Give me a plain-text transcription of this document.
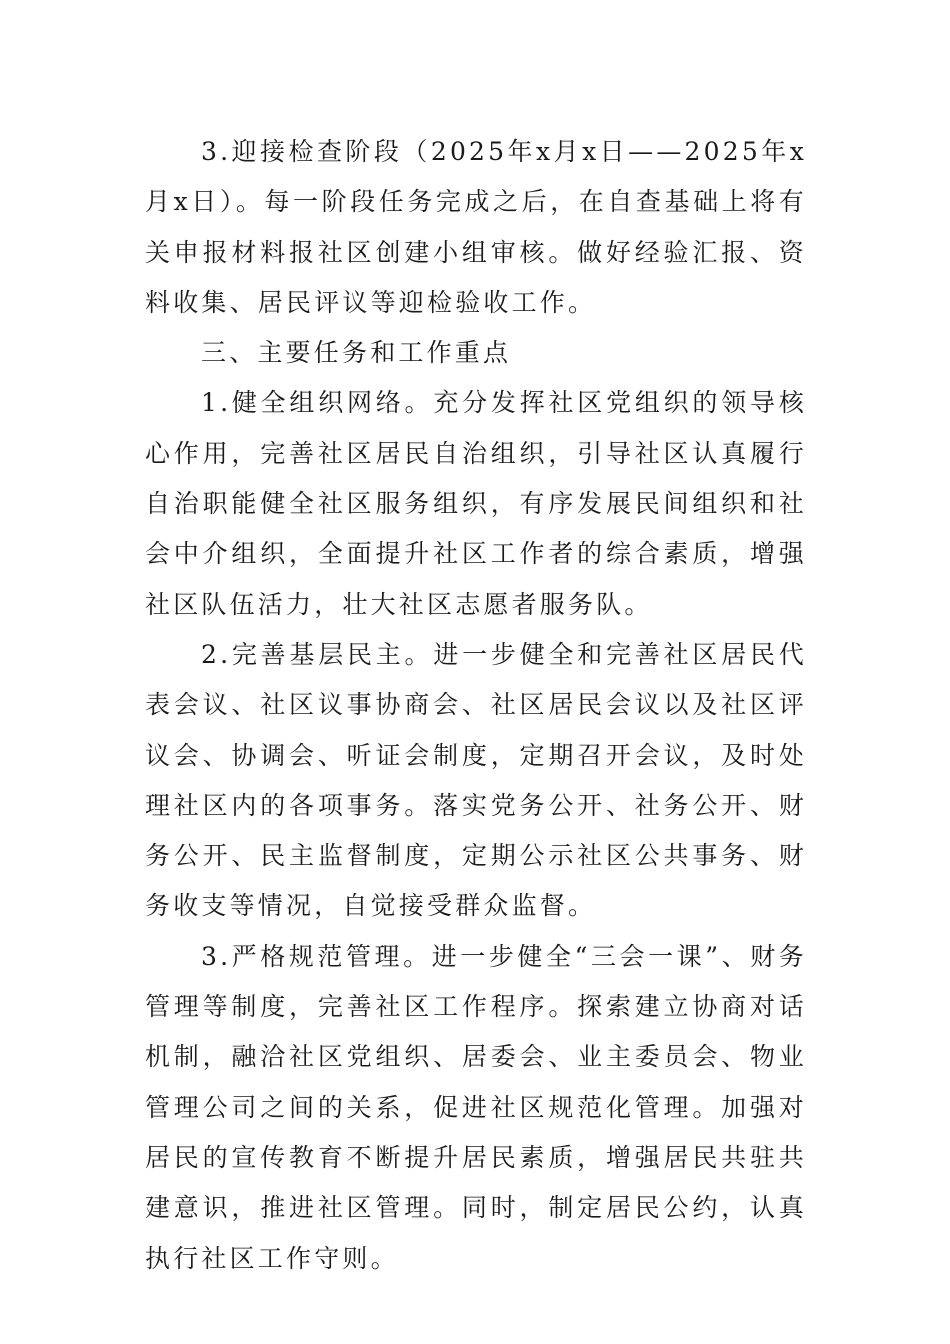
3.迎接检查阶段（2025年x月x日——2025年x月x日）。每一阶段任务完成之后，在自查基础上将有关申报材料报社区创建小组审核。做好经验汇报、资料收集、居民评议等迎检验收工作。

三、主要任务和工作重点

1.健全组织网络。充分发挥社区党组织的领导核心作用，完善社区居民自治组织，引导社区认真履行自治职能健全社区服务组织，有序发展民间组织和社会中介组织，全面提升社区工作者的综合素质，增强社区队伍活力，壮大社区志愿者服务队。

2.完善基层民主。进一步健全和完善社区居民代表会议、社区议事协商会、社区居民会议以及社区评议会、协调会、听证会制度，定期召开会议，及时处理社区内的各项事务。落实党务公开、社务公开、财务公开、民主监督制度，定期公示社区公共事务、财务收支等情况，自觉接受群众监督。

3.严格规范管理。进一步健全“三会一课”、财务管理等制度，完善社区工作程序。探索建立协商对话机制，融洽社区党组织、居委会、业主委员会、物业管理公司之间的关系，促进社区规范化管理。加强对居民的宣传教育不断提升居民素质，增强居民共驻共建意识，推进社区管理。同时，制定居民公约，认真执行社区工作守则。
